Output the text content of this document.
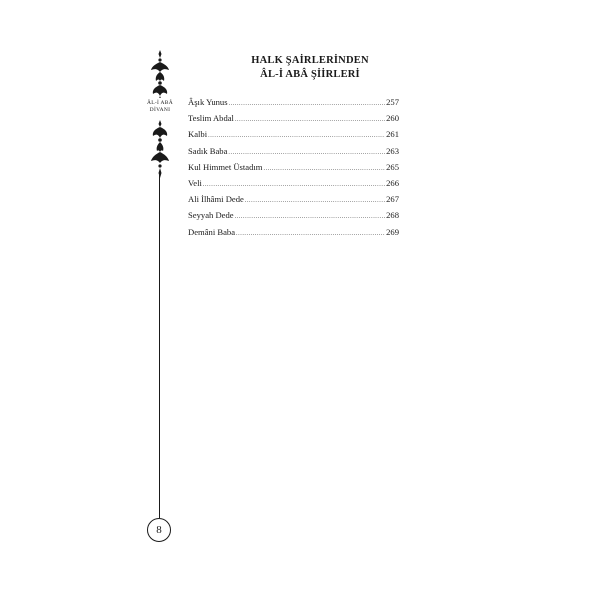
ÂL-İ ABÂ
DİVANI
8
HALK ŞAİRLERİNDEN
ÂL-İ ABÂ ŞİİRLERİ
Âşık Yunus .....	257
Teslim Abdal .....	260
Kalbi .....	261
Sadık Baba .....	263
Kul Himmet Üstadım .....	265
Veli .....	266
Ali İlhâmi Dede .....	267
Seyyah Dede .....	268
Demâni Baba .....	269
